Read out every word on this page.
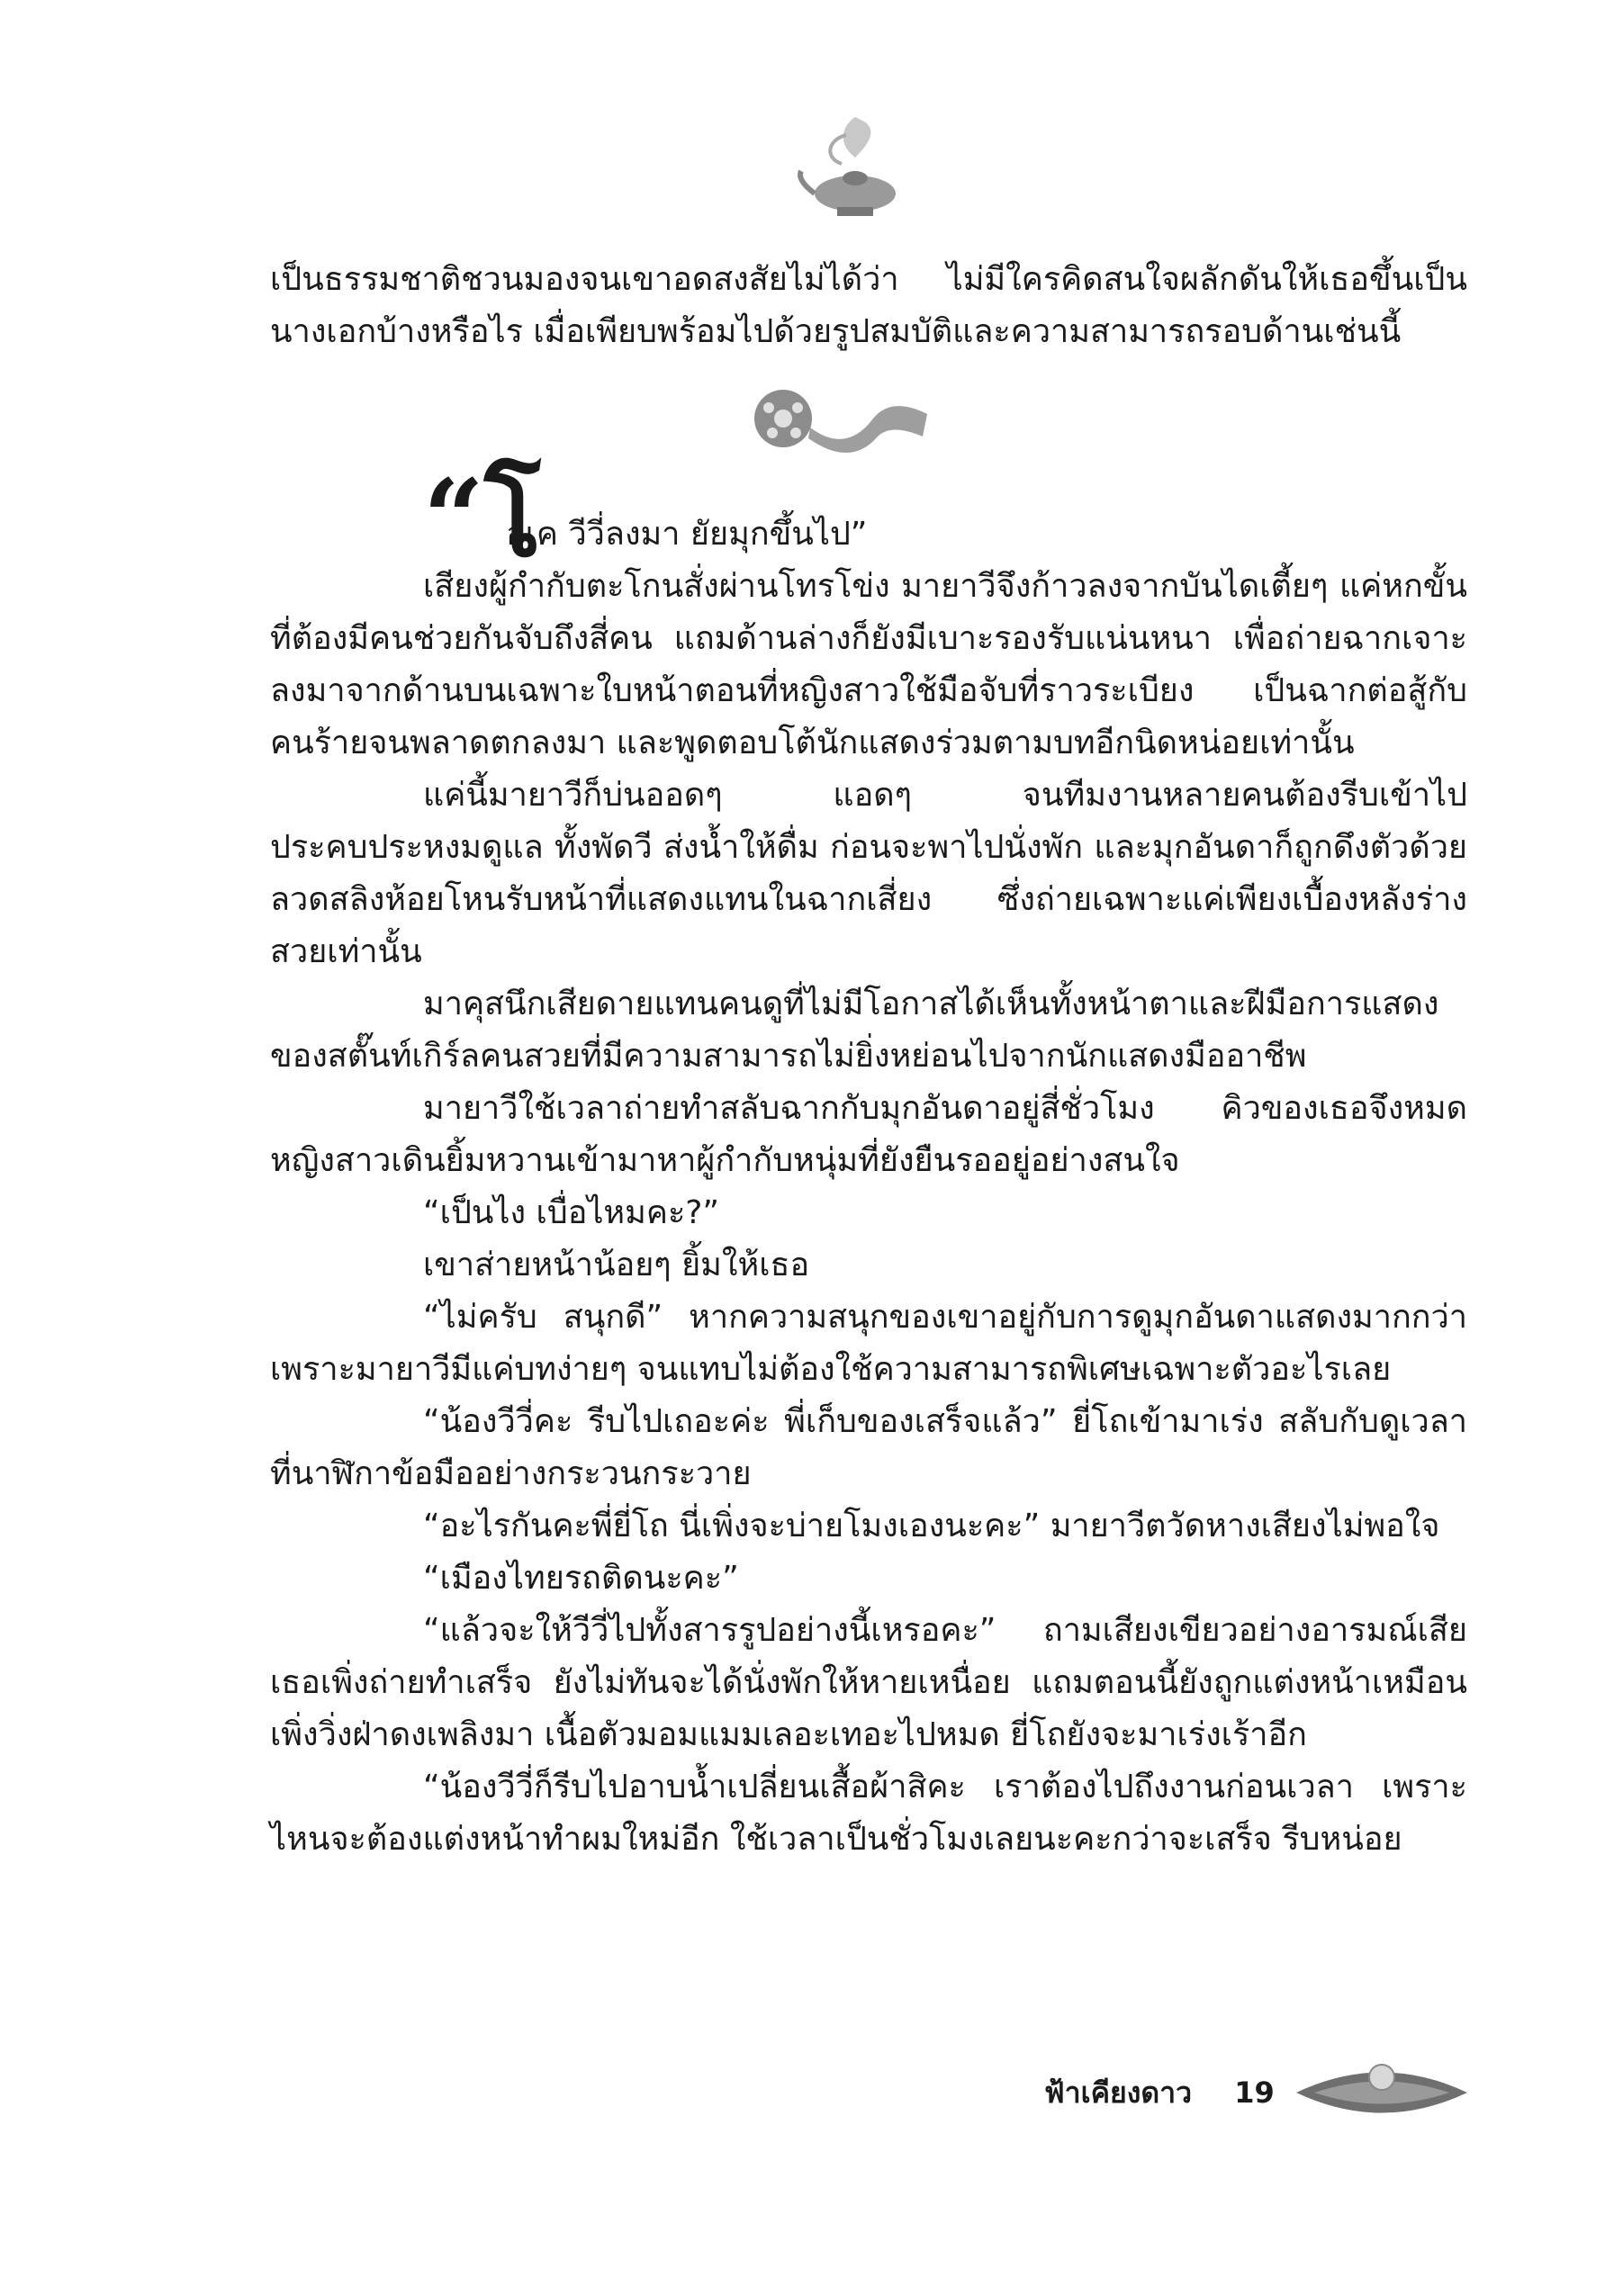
เป็นธรรมชาติชวนมองจนเขาอดสงสัยไม่ได้ว่า ไม่มีใครคิดสนใจผลักดันให้เธอขึ้นเป็นนางเอกบ้างหรือไร เมื่อเพียบพร้อมไปด้วยรูปสมบัติและความสามารถรอบด้านเช่นนี้

“โ
อเค วีวี่ลงมา ยัยมุกขึ้นไป”

เสียงผู้กำกับตะโกนสั่งผ่านโทรโข่ง มายาวีจึงก้าวลงจากบันไดเตี้ยๆ แค่หกขั้นที่ต้องมีคนช่วยกันจับถึงสี่คน แถมด้านล่างก็ยังมีเบาะรองรับแน่นหนา เพื่อถ่ายฉากเจาะลงมาจากด้านบนเฉพาะใบหน้าตอนที่หญิงสาวใช้มือจับที่ราวระเบียง เป็นฉากต่อสู้กับคนร้ายจนพลาดตกลงมา และพูดตอบโต้นักแสดงร่วมตามบทอีกนิดหน่อยเท่านั้น

แค่นี้มายาวีก็บ่นออดๆ แอดๆ จนทีมงานหลายคนต้องรีบเข้าไปประคบประหงมดูแล ทั้งพัดวี ส่งน้ำให้ดื่ม ก่อนจะพาไปนั่งพัก และมุกอันดาก็ถูกดึงตัวด้วยลวดสลิงห้อยโหนรับหน้าที่แสดงแทนในฉากเสี่ยง ซึ่งถ่ายเฉพาะแค่เพียงเบื้องหลังร่างสวยเท่านั้น

มาคุสนึกเสียดายแทนคนดูที่ไม่มีโอกาสได้เห็นทั้งหน้าตาและฝีมือการแสดงของสตั๊นท์เกิร์ลคนสวยที่มีความสามารถไม่ยิ่งหย่อนไปจากนักแสดงมืออาชีพ

มายาวีใช้เวลาถ่ายทำสลับฉากกับมุกอันดาอยู่สี่ชั่วโมง คิวของเธอจึงหมดหญิงสาวเดินยิ้มหวานเข้ามาหาผู้กำกับหนุ่มที่ยังยืนรออยู่อย่างสนใจ

“เป็นไง เบื่อไหมคะ?”

เขาส่ายหน้าน้อยๆ ยิ้มให้เธอ

“ไม่ครับ สนุกดี” หากความสนุกของเขาอยู่กับการดูมุกอันดาแสดงมากกว่าเพราะมายาวีมีแค่บทง่ายๆ จนแทบไม่ต้องใช้ความสามารถพิเศษเฉพาะตัวอะไรเลย

“น้องวีวี่คะ รีบไปเถอะค่ะ พี่เก็บของเสร็จแล้ว” ยี่โถเข้ามาเร่ง สลับกับดูเวลาที่นาฬิกาข้อมืออย่างกระวนกระวาย

“อะไรกันคะพี่ยี่โถ นี่เพิ่งจะบ่ายโมงเองนะคะ” มายาวีตวัดหางเสียงไม่พอใจ

“เมืองไทยรถติดนะคะ”

“แล้วจะให้วีวี่ไปทั้งสารรูปอย่างนี้เหรอคะ” ถามเสียงเขียวอย่างอารมณ์เสียเธอเพิ่งถ่ายทำเสร็จ ยังไม่ทันจะได้นั่งพักให้หายเหนื่อย แถมตอนนี้ยังถูกแต่งหน้าเหมือนเพิ่งวิ่งฝ่าดงเพลิงมา เนื้อตัวมอมแมมเลอะเทอะไปหมด ยี่โถยังจะมาเร่งเร้าอีก

“น้องวีวี่ก็รีบไปอาบน้ำเปลี่ยนเสื้อผ้าสิคะ เราต้องไปถึงงานก่อนเวลา เพราะไหนจะต้องแต่งหน้าทำผมใหม่อีก ใช้เวลาเป็นชั่วโมงเลยนะคะกว่าจะเสร็จ รีบหน่อย

ฟ้าเคียงดาว 19
